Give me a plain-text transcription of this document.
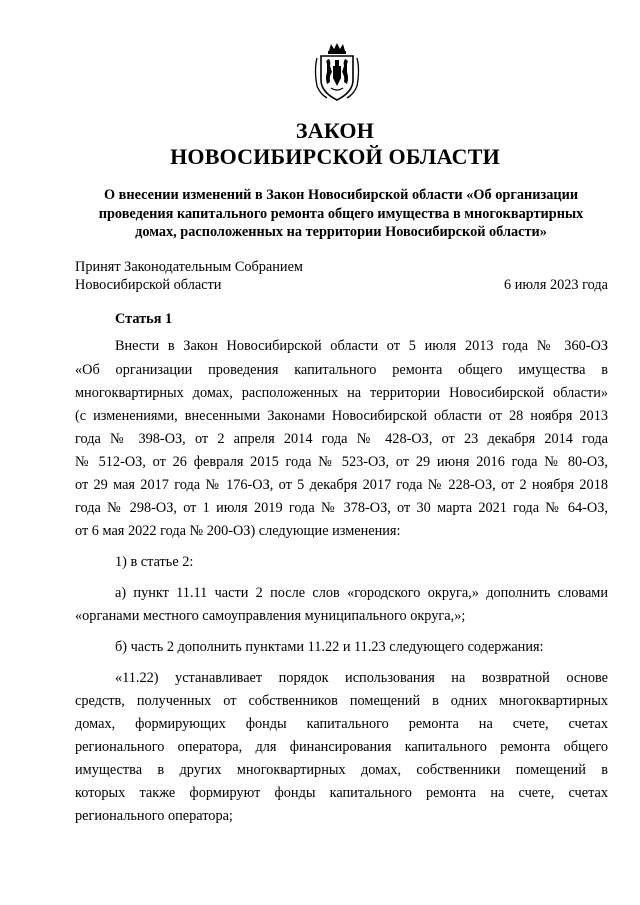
ЗАКОН
НОВОСИБИРСКОЙ ОБЛАСТИ
О внесении изменений в Закон Новосибирской области «Об организации
проведения капитального ремонта общего имущества в многоквартирных
домах, расположенных на территории Новосибирской области»
Принят Законодательным Собранием
Новосибирской области	6 июля 2023 года
Статья 1
Внести в Закон Новосибирской области от 5 июля 2013 года № 360-ОЗ
«Об организации проведения капитального ремонта общего имущества в
многоквартирных домах, расположенных на территории Новосибирской области»
(с изменениями, внесенными Законами Новосибирской области от 28 ноября 2013
года № 398-ОЗ, от 2 апреля 2014 года № 428-ОЗ, от 23 декабря 2014 года
№ 512-ОЗ, от 26 февраля 2015 года № 523-ОЗ, от 29 июня 2016 года № 80-ОЗ,
от 29 мая 2017 года № 176-ОЗ, от 5 декабря 2017 года № 228-ОЗ, от 2 ноября 2018
года № 298-ОЗ, от 1 июля 2019 года № 378-ОЗ, от 30 марта 2021 года № 64-ОЗ,
от 6 мая 2022 года № 200-ОЗ) следующие изменения:
1) в статье 2:
а) пункт 11.11 части 2 после слов «городского округа,» дополнить словами
«органами местного самоуправления муниципального округа,»;
б) часть 2 дополнить пунктами 11.22 и 11.23 следующего содержания:
«11.22) устанавливает порядок использования на возвратной основе
средств, полученных от собственников помещений в одних многоквартирных
домах, формирующих фонды капитального ремонта на счете, счетах
регионального оператора, для финансирования капитального ремонта общего
имущества в других многоквартирных домах, собственники помещений в
которых также формируют фонды капитального ремонта на счете, счетах
регионального оператора;
